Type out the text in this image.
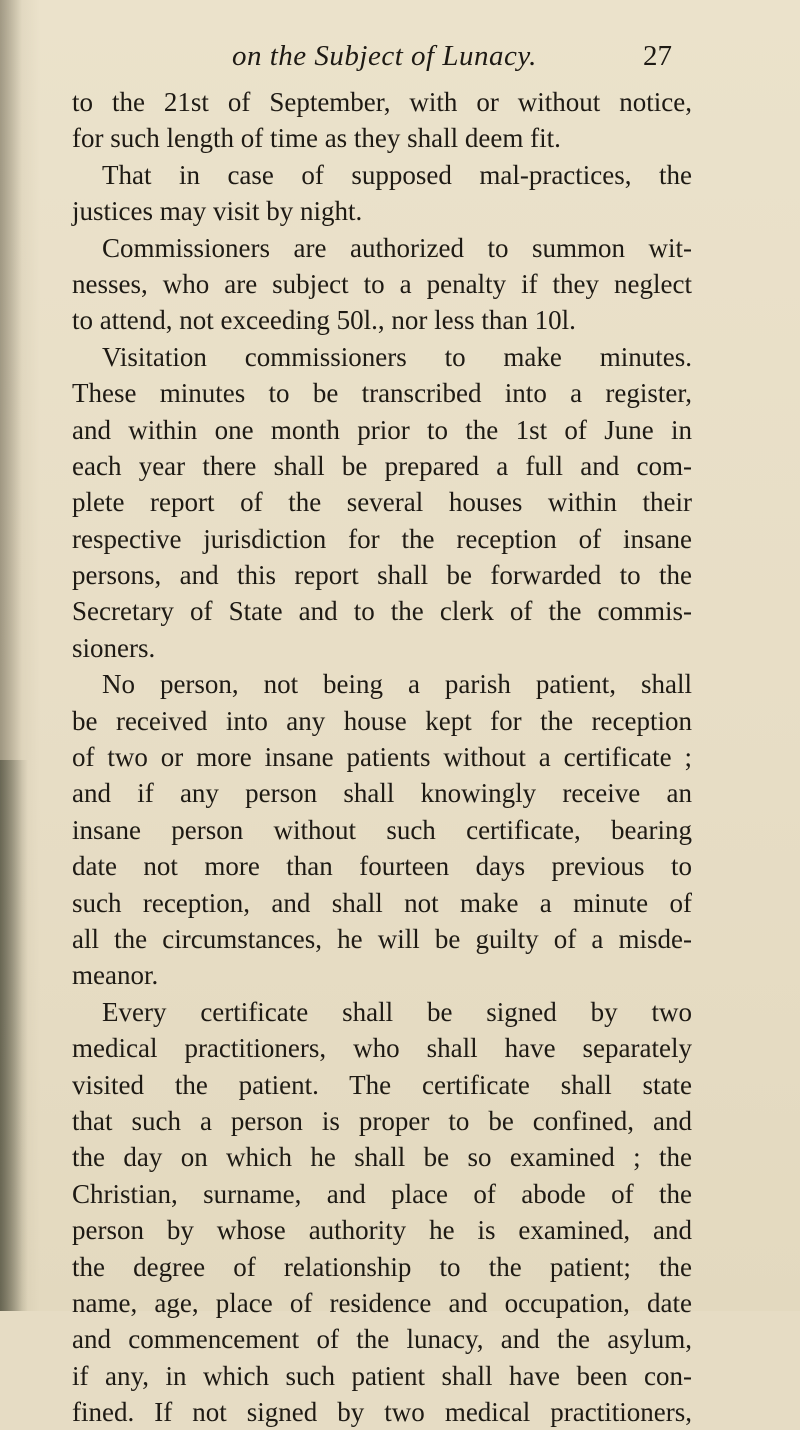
on the Subject of Lunacy.	27
to the 21st of September, with or without notice,
for such length of time as they shall deem fit.
That in case of supposed mal-practices, the
justices may visit by night.
Commissioners are authorized to summon wit-
nesses, who are subject to a penalty if they neglect
to attend, not exceeding 50l., nor less than 10l.
Visitation commissioners to make minutes.
These minutes to be transcribed into a register,
and within one month prior to the 1st of June in
each year there shall be prepared a full and com-
plete report of the several houses within their
respective jurisdiction for the reception of insane
persons, and this report shall be forwarded to the
Secretary of State and to the clerk of the commis-
sioners.
No person, not being a parish patient, shall
be received into any house kept for the reception
of two or more insane patients without a certificate ;
and if any person shall knowingly receive an
insane person without such certificate, bearing
date not more than fourteen days previous to
such reception, and shall not make a minute of
all the circumstances, he will be guilty of a misde-
meanor.
Every certificate shall be signed by two
medical practitioners, who shall have separately
visited the patient. The certificate shall state
that such a person is proper to be confined, and
the day on which he shall be so examined ; the
Christian, surname, and place of abode of the
person by whose authority he is examined, and
the degree of relationship to the patient; the
name, age, place of residence and occupation, date
and commencement of the lunacy, and the asylum,
if any, in which such patient shall have been con-
fined. If not signed by two medical practitioners,
